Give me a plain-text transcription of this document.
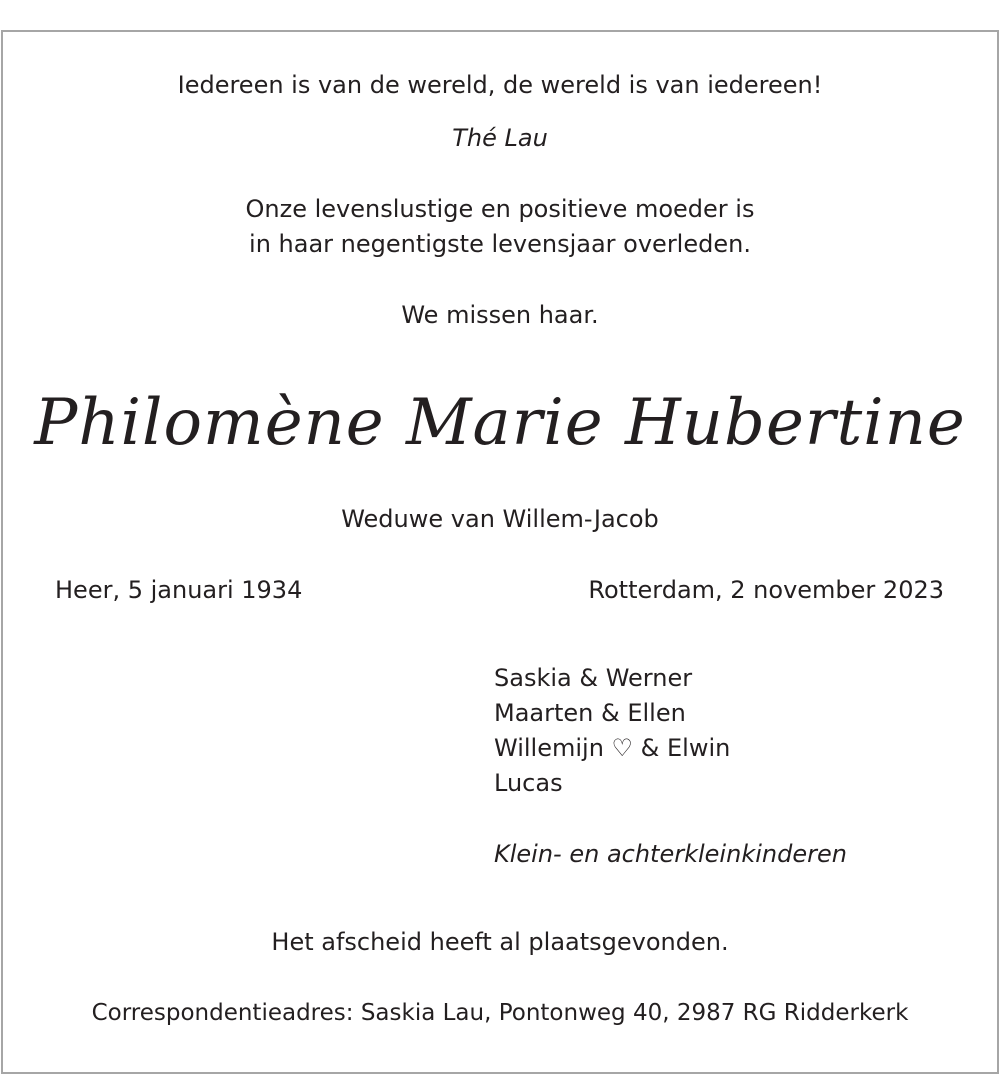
Iedereen is van de wereld, de wereld is van iedereen!
Thé Lau
Onze levenslustige en positieve moeder is
in haar negentigste levensjaar overleden.
We missen haar.
Philomène Marie Hubertine
Weduwe van Willem-Jacob
Heer, 5 januari 1934	Rotterdam, 2 november 2023
Saskia & Werner
Maarten & Ellen
Willemijn ♡ & Elwin
Lucas
Klein- en achterkleinkinderen
Het afscheid heeft al plaatsgevonden.
Correspondentieadres: Saskia Lau, Pontonweg 40, 2987 RG Ridderkerk
